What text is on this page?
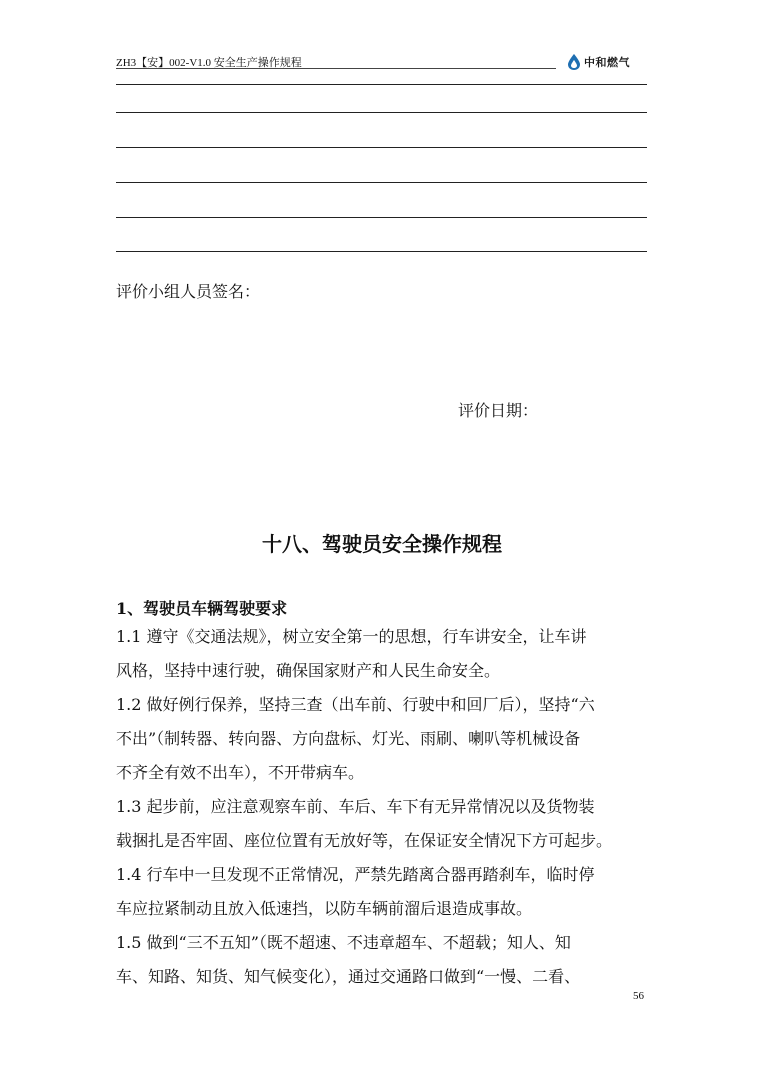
ZH3【安】002-V1.0 安全生产操作规程	中和燃气
评价小组人员签名：
评价日期：
十八、驾驶员安全操作规程
1、驾驶员车辆驾驶要求

1.1 遵守《交通法规》，树立安全第一的思想，行车讲安全，让车讲

风格，坚持中速行驶，确保国家财产和人民生命安全。

1.2 做好例行保养，坚持三查（出车前、行驶中和回厂后），坚持“六

不出”（制转器、转向器、方向盘标、灯光、雨刷、喇叭等机械设备

不齐全有效不出车），不开带病车。

1.3 起步前，应注意观察车前、车后、车下有无异常情况以及货物装

载捆扎是否牢固、座位位置有无放好等，在保证安全情况下方可起步。

1.4 行车中一旦发现不正常情况，严禁先踏离合器再踏刹车，临时停

车应拉紧制动且放入低速挡，以防车辆前溜后退造成事故。

1.5 做到“三不五知”（既不超速、不违章超车、不超载；知人、知

车、知路、知货、知气候变化），通过交通路口做到“一慢、二看、

56
